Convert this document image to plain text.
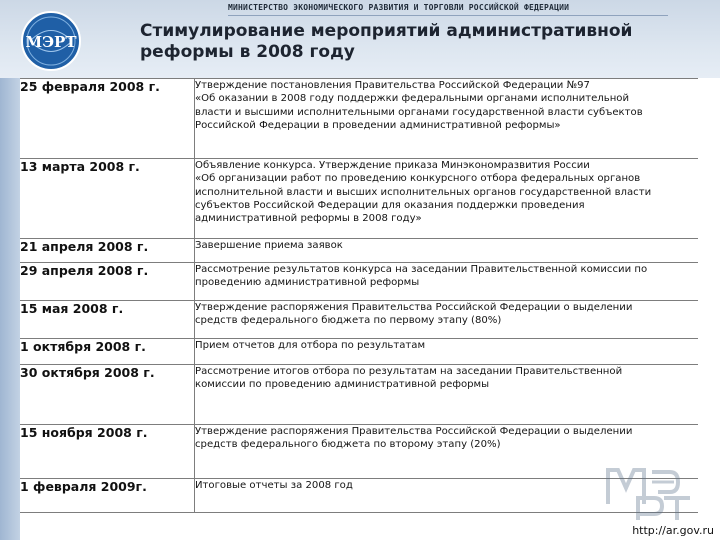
МИНИСТЕРСТВО ЭКОНОМИЧЕСКОГО РАЗВИТИЯ И ТОРГОВЛИ РОССИЙСКОЙ ФЕДЕРАЦИИ
МЭРТ
Стимулирование мероприятий административной
реформы в 2008 году
25 февраля 2008 г.	Утверждение постановления Правительства Российской Федерации №97
«Об оказании в 2008 году поддержки федеральными органами исполнительной
власти и высшими исполнительными органами государственной власти субъектов
Российской Федерации в проведении административной реформы»
13 марта 2008 г.	Объявление конкурса. Утверждение приказа Минэкономразвития России
«Об организации работ по проведению конкурсного отбора федеральных органов
исполнительной власти и высших исполнительных органов государственной власти
субъектов Российской Федерации для оказания поддержки проведения
административной реформы в 2008 году»
21 апреля 2008 г.	Завершение приема заявок
29 апреля 2008 г.	Рассмотрение результатов конкурса на заседании Правительственной комиссии по
проведению административной реформы
15 мая 2008 г.	Утверждение распоряжения Правительства Российской Федерации о выделении
средств федерального бюджета по первому этапу (80%)
1 октября 2008 г.	Прием отчетов для отбора по результатам
30 октября 2008 г.	Рассмотрение итогов отбора по результатам на заседании Правительственной
комиссии по проведению административной реформы
15 ноября 2008 г.	Утверждение распоряжения Правительства Российской Федерации о выделении
средств федерального бюджета по второму этапу (20%)
1 февраля 2009г.	Итоговые отчеты за 2008 год
http://ar.gov.ru
